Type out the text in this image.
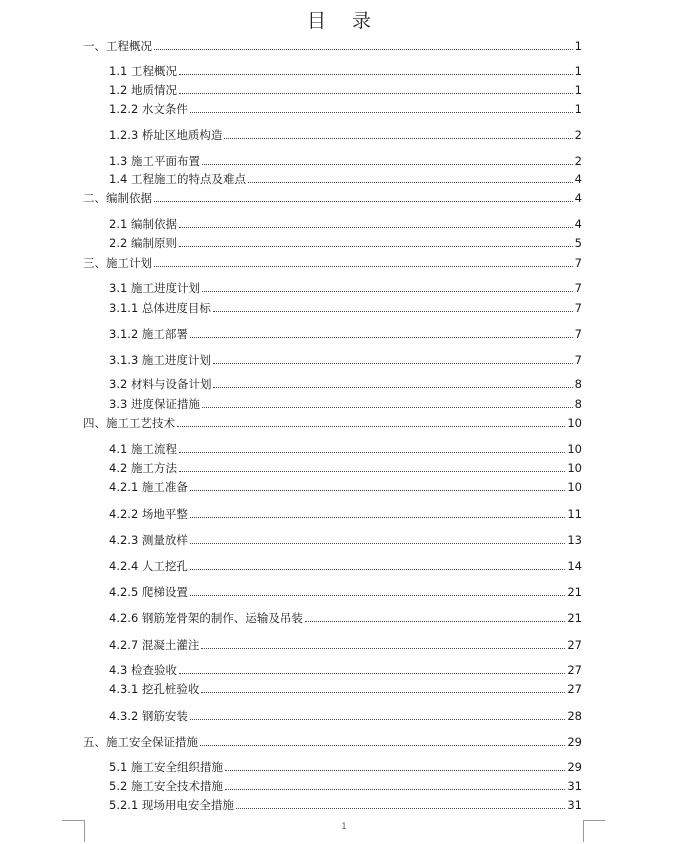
目 录
一、工程概况	1
1.1 工程概况	1
1.2 地质情况	1
1.2.2 水文条件	1
1.2.3 桥址区地质构造	2
1.3 施工平面布置	2
1.4 工程施工的特点及难点	4
二、编制依据	4
2.1 编制依据	4
2.2 编制原则	5
三、施工计划	7
3.1 施工进度计划	7
3.1.1 总体进度目标	7
3.1.2 施工部署	7
3.1.3 施工进度计划	7
3.2 材料与设备计划	8
3.3 进度保证措施	8
四、施工工艺技术	10
4.1 施工流程	10
4.2 施工方法	10
4.2.1 施工准备	10
4.2.2 场地平整	11
4.2.3 测量放样	13
4.2.4 人工挖孔	14
4.2.5 爬梯设置	21
4.2.6 钢筋笼骨架的制作、运输及吊装	21
4.2.7 混凝土灌注	27
4.3 检查验收	27
4.3.1 挖孔桩验收	27
4.3.2 钢筋安装	28
五、施工安全保证措施	29
5.1 施工安全组织措施	29
5.2 施工安全技术措施	31
5.2.1 现场用电安全措施	31
1
